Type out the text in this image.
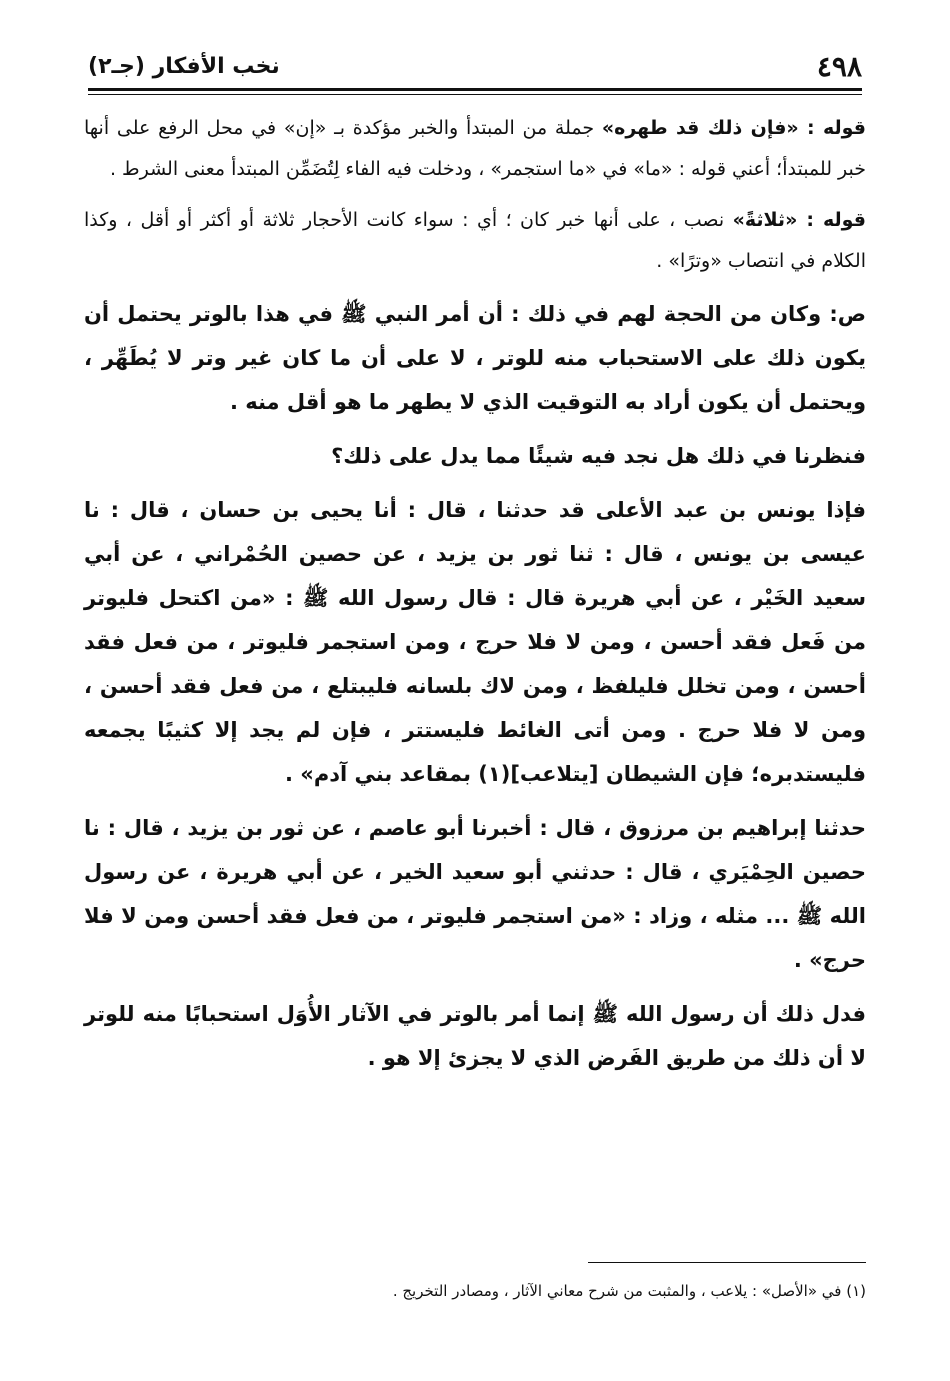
٤٩٨
نخب الأفكار (جـ٢)

قوله : «فإن ذلك قد طهره» جملة من المبتدأ والخبر مؤكدة بـ «إن» في محل الرفع على أنها خبر للمبتدأ؛ أعني قوله : «ما» في «ما استجمر» ، ودخلت فيه الفاء لِتُضَمِّن المبتدأ معنى الشرط .

قوله : «ثلاثةً» نصب ، على أنها خبر كان ؛ أي : سواء كانت الأحجار ثلاثة أو أكثر أو أقل ، وكذا الكلام في انتصاب «وترًا» .

ص: وكان من الحجة لهم في ذلك : أن أمر النبي ﷺ في هذا بالوتر يحتمل أن يكون ذلك على الاستحباب منه للوتر ، لا على أن ما كان غير وتر لا يُطَهِّر ، ويحتمل أن يكون أراد به التوقيت الذي لا يطهر ما هو أقل منه .

فنظرنا في ذلك هل نجد فيه شيئًا مما يدل على ذلك؟

فإذا يونس بن عبد الأعلى قد حدثنا ، قال : أنا يحيى بن حسان ، قال : نا عيسى بن يونس ، قال : ثنا ثور بن يزيد ، عن حصين الحُمْراني ، عن أبي سعيد الخَيْر ، عن أبي هريرة قال : قال رسول الله ﷺ : «من اكتحل فليوتر من فَعل فقد أحسن ، ومن لا فلا حرج ، ومن استجمر فليوتر ، من فعل فقد أحسن ، ومن تخلل فليلفظ ، ومن لاك بلسانه فليبتلع ، من فعل فقد أحسن ، ومن لا فلا حرج . ومن أتى الغائط فليستتر ، فإن لم يجد إلا كثيبًا يجمعه فليستدبره؛ فإن الشيطان [يتلاعب](١) بمقاعد بني آدم» .

حدثنا إبراهيم بن مرزوق ، قال : أخبرنا أبو عاصم ، عن ثور بن يزيد ، قال : نا حصين الحِمْيَري ، قال : حدثني أبو سعيد الخير ، عن أبي هريرة ، عن رسول الله ﷺ ... مثله ، وزاد : «من استجمر فليوتر ، من فعل فقد أحسن ومن لا فلا حرج» .

فدل ذلك أن رسول الله ﷺ إنما أمر بالوتر في الآثار الأُوَل استحبابًا منه للوتر لا أن ذلك من طريق الفَرض الذي لا يجزئ إلا هو .

(١) في «الأصل» : يلاعب ، والمثبت من شرح معاني الآثار ، ومصادر التخريج .
